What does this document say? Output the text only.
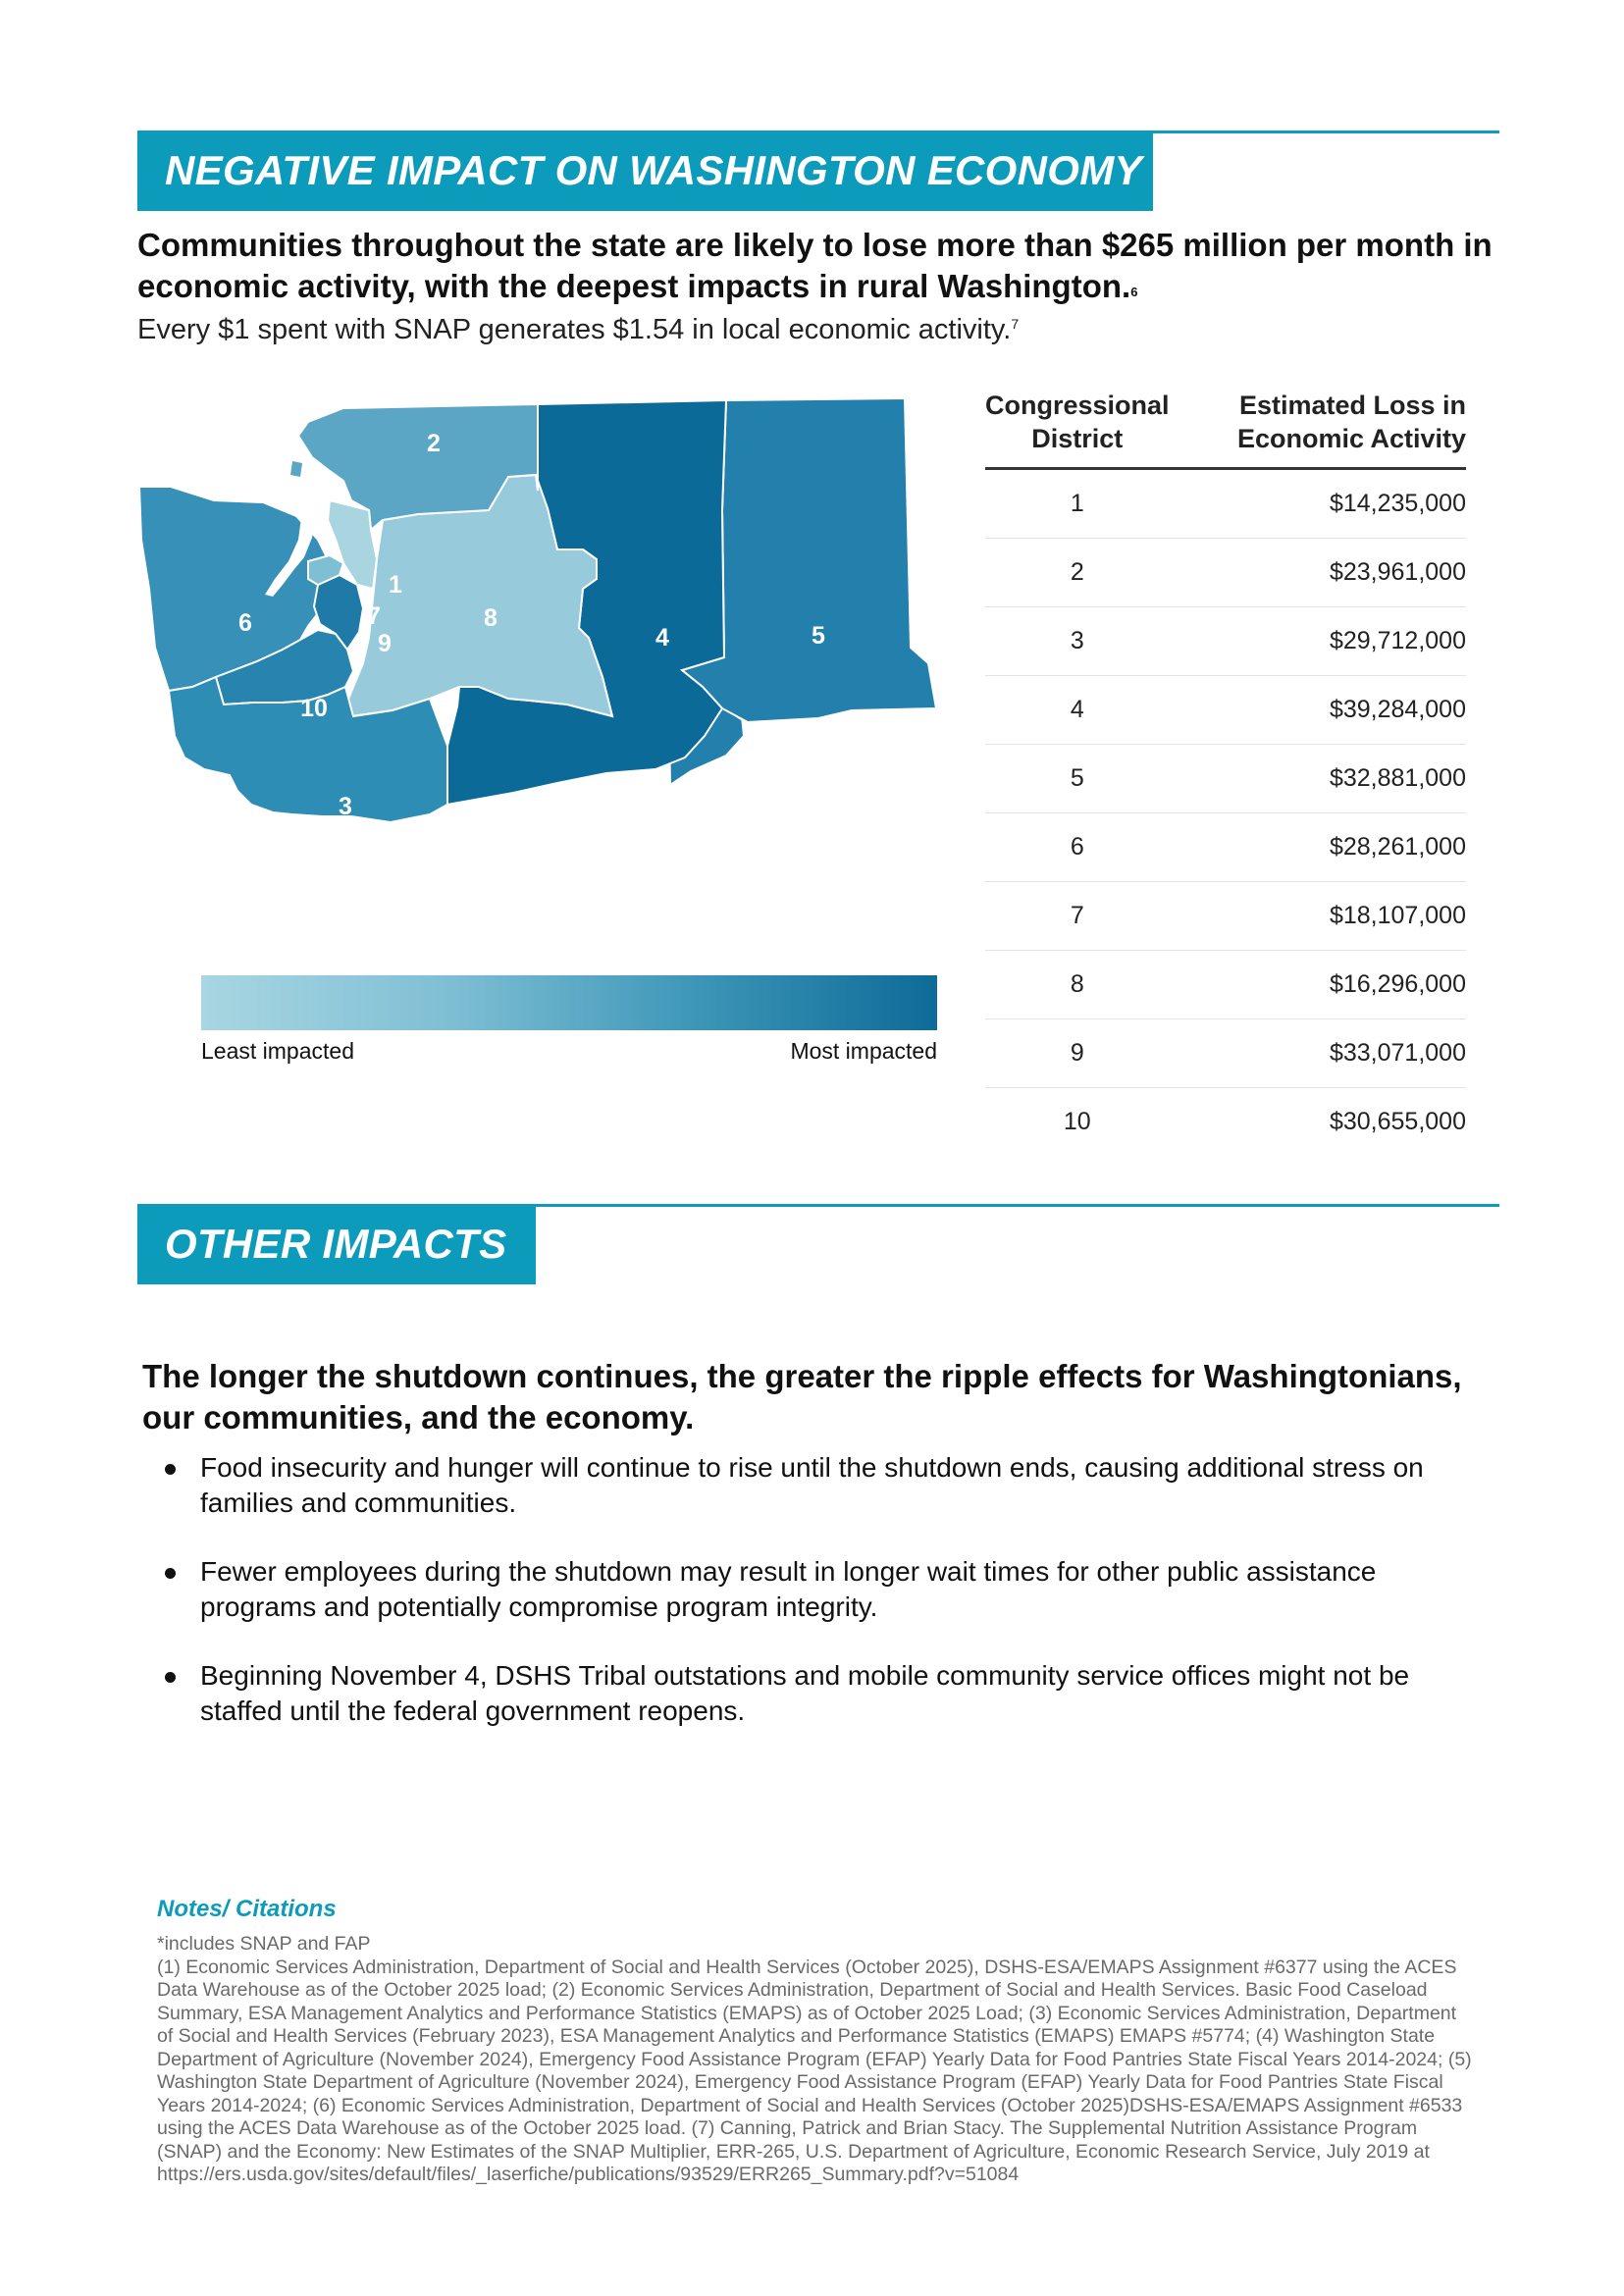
NEGATIVE IMPACT ON WASHINGTON ECONOMY
Communities throughout the state are likely to lose more than $265 million per month in economic activity, with the deepest impacts in rural Washington.$^6$
Every $1 spent with SNAP generates $1.54 in local economic activity.$^7$
2
1
7
9
8
4	5
6
10
3
Least impacted	Most impacted
Congressional District	Estimated Loss in Economic Activity
1	$14,235,000
2	$23,961,000
3	$29,712,000
4	$39,284,000
5	$32,881,000
6	$28,261,000
7	$18,107,000
8	$16,296,000
9	$33,071,000
10	$30,655,000
OTHER IMPACTS
The longer the shutdown continues, the greater the ripple effects for Washingtonians, our communities, and the economy.
Food insecurity and hunger will continue to rise until the shutdown ends, causing additional stress on families and communities.
Fewer employees during the shutdown may result in longer wait times for other public assistance programs and potentially compromise program integrity.
Beginning November 4, DSHS Tribal outstations and mobile community service offices might not be staffed until the federal government reopens.
Notes/ Citations
*includes SNAP and FAP
(1) Economic Services Administration, Department of Social and Health Services (October 2025), DSHS-ESA/EMAPS Assignment #6377 using the ACES Data Warehouse as of the October 2025 load; (2) Economic Services Administration, Department of Social and Health Services. Basic Food Caseload Summary, ESA Management Analytics and Performance Statistics (EMAPS) as of October 2025 Load; (3) Economic Services Administration, Department of Social and Health Services (February 2023), ESA Management Analytics and Performance Statistics (EMAPS) EMAPS #5774; (4) Washington State Department of Agriculture (November 2024), Emergency Food Assistance Program (EFAP) Yearly Data for Food Pantries State Fiscal Years 2014-2024; (5) Washington State Department of Agriculture (November 2024), Emergency Food Assistance Program (EFAP) Yearly Data for Food Pantries State Fiscal Years 2014-2024; (6) Economic Services Administration, Department of Social and Health Services (October 2025)DSHS-ESA/EMAPS Assignment #6533 using the ACES Data Warehouse as of the October 2025 load. (7) Canning, Patrick and Brian Stacy. The Supplemental Nutrition Assistance Program (SNAP) and the Economy: New Estimates of the SNAP Multiplier, ERR-265, U.S. Department of Agriculture, Economic Research Service, July 2019 at https://ers.usda.gov/sites/default/files/_laserfiche/publications/93529/ERR265_Summary.pdf?v=51084
